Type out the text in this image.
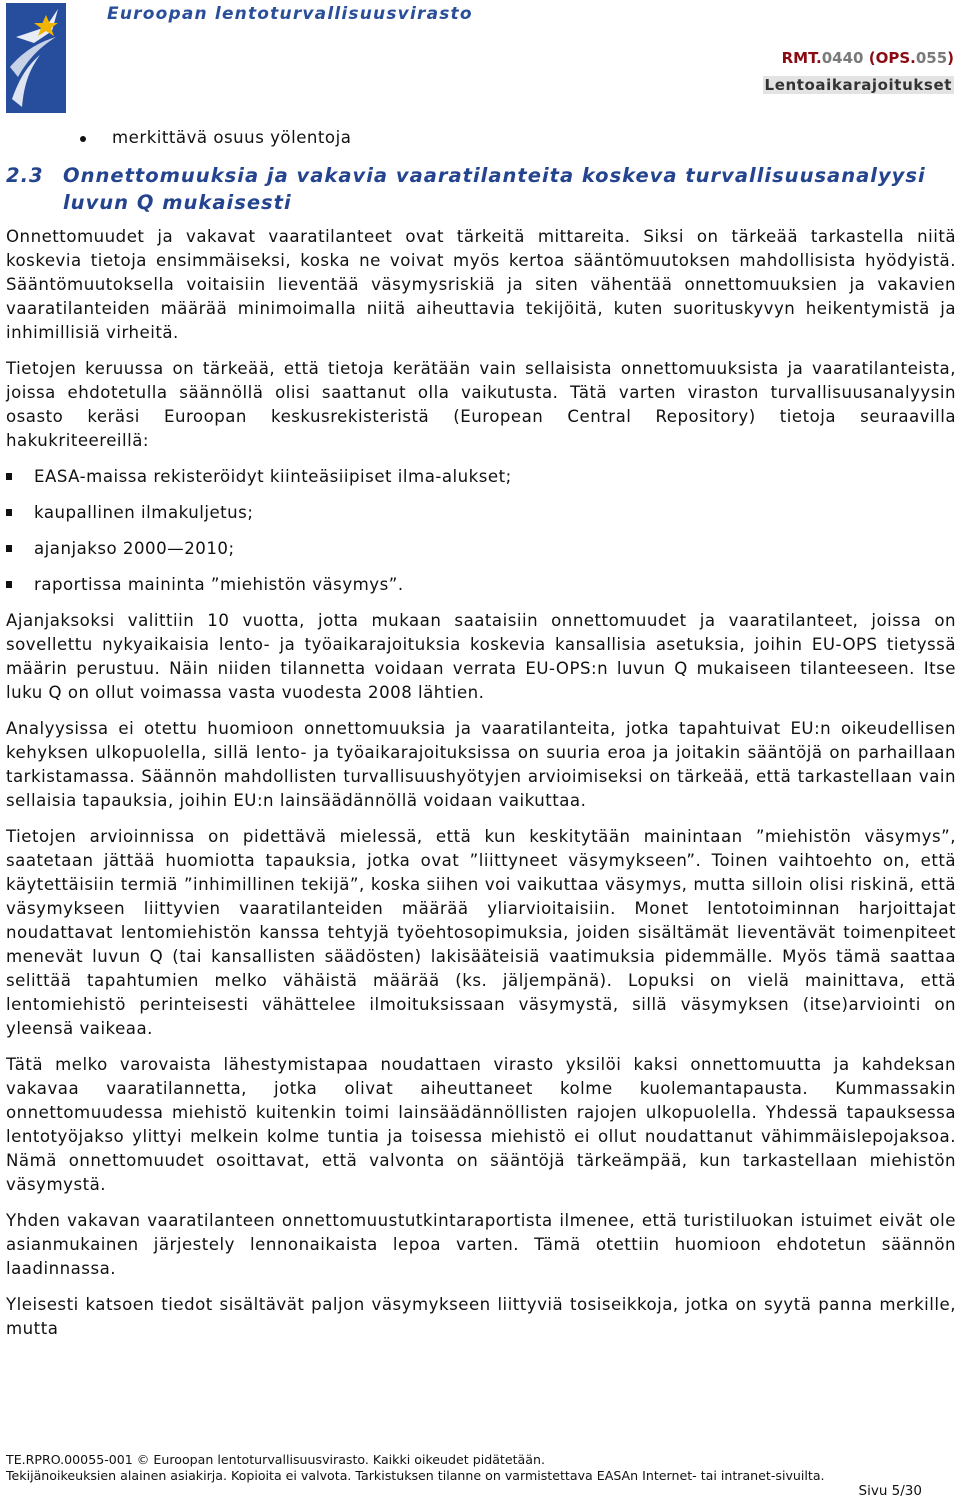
Euroopan lentoturvallisuusvirasto
RMT.0440 (OPS.055)
Lentoaikarajoitukset
merkittävä osuus yölentoja
2.3 Onnettomuuksia ja vakavia vaaratilanteita koskeva turvallisuusanalyysi
luvun Q mukaisesti

Onnettomuudet ja vakavat vaaratilanteet ovat tärkeitä mittareita. Siksi on tärkeää tarkastella niitä koskevia tietoja ensimmäiseksi, koska ne voivat myös kertoa sääntömuutoksen mahdollisista hyödyistä. Sääntömuutoksella voitaisiin lieventää väsymysriskiä ja siten vähentää onnettomuuksien ja vakavien vaaratilanteiden määrää minimoimalla niitä aiheuttavia tekijöitä, kuten suorituskyvyn heikentymistä ja inhimillisiä virheitä.

Tietojen keruussa on tärkeää, että tietoja kerätään vain sellaisista onnettomuuksista ja vaaratilanteista, joissa ehdotetulla säännöllä olisi saattanut olla vaikutusta. Tätä varten viraston turvallisuusanalyysin osasto keräsi Euroopan keskusrekisteristä (European Central Repository) tietoja seuraavilla hakukriteereillä:

EASA-maissa rekisteröidyt kiinteäsiipiset ilma-alukset;
kaupallinen ilmakuljetus;
ajanjakso 2000—2010;
raportissa maininta ”miehistön väsymys”.

Ajanjaksoksi valittiin 10 vuotta, jotta mukaan saataisiin onnettomuudet ja vaaratilanteet, joissa on sovellettu nykyaikaisia lento- ja työaikarajoituksia koskevia kansallisia asetuksia, joihin EU-OPS tietyssä määrin perustuu. Näin niiden tilannetta voidaan verrata EU-OPS:n luvun Q mukaiseen tilanteeseen. Itse luku Q on ollut voimassa vasta vuodesta 2008 lähtien.

Analyysissa ei otettu huomioon onnettomuuksia ja vaaratilanteita, jotka tapahtuivat EU:n oikeudellisen kehyksen ulkopuolella, sillä lento- ja työaikarajoituksissa on suuria eroa ja joitakin sääntöjä on parhaillaan tarkistamassa. Säännön mahdollisten turvallisuushyötyjen arvioimiseksi on tärkeää, että tarkastellaan vain sellaisia tapauksia, joihin EU:n lainsäädännöllä voidaan vaikuttaa.

Tietojen arvioinnissa on pidettävä mielessä, että kun keskitytään mainintaan ”miehistön väsymys”, saatetaan jättää huomiotta tapauksia, jotka ovat ”liittyneet väsymykseen”. Toinen vaihtoehto on, että käytettäisiin termiä ”inhimillinen tekijä”, koska siihen voi vaikuttaa väsymys, mutta silloin olisi riskinä, että väsymykseen liittyvien vaaratilanteiden määrää yliarvioitaisiin. Monet lentotoiminnan harjoittajat noudattavat lentomiehistön kanssa tehtyjä työehtosopimuksia, joiden sisältämät lieventävät toimenpiteet menevät luvun Q (tai kansallisten säädösten) lakisääteisiä vaatimuksia pidemmälle. Myös tämä saattaa selittää tapahtumien melko vähäistä määrää (ks. jäljempänä). Lopuksi on vielä mainittava, että lentomiehistö perinteisesti vähättelee ilmoituksissaan väsymystä, sillä väsymyksen (itse)arviointi on yleensä vaikeaa.

Tätä melko varovaista lähestymistapaa noudattaen virasto yksilöi kaksi onnettomuutta ja kahdeksan vakavaa vaaratilannetta, jotka olivat aiheuttaneet kolme kuolemantapausta. Kummassakin onnettomuudessa miehistö kuitenkin toimi lainsäädännöllisten rajojen ulkopuolella. Yhdessä tapauksessa lentotyöjakso ylittyi melkein kolme tuntia ja toisessa miehistö ei ollut noudattanut vähimmäislepojaksoa. Nämä onnettomuudet osoittavat, että valvonta on sääntöjä tärkeämpää, kun tarkastellaan miehistön väsymystä.

Yhden vakavan vaaratilanteen onnettomuustutkintaraportista ilmenee, että turistiluokan istuimet eivät ole asianmukainen järjestely lennonaikaista lepoa varten. Tämä otettiin huomioon ehdotetun säännön laadinnassa.

Yleisesti katsoen tiedot sisältävät paljon väsymykseen liittyviä tosiseikkoja, jotka on syytä panna merkille, mutta

TE.RPRO.00055-001 © Euroopan lentoturvallisuusvirasto. Kaikki oikeudet pidätetään.
Tekijänoikeuksien alainen asiakirja. Kopioita ei valvota. Tarkistuksen tilanne on varmistettava EASAn Internet- tai intranet-sivuilta.
Sivu 5/30
